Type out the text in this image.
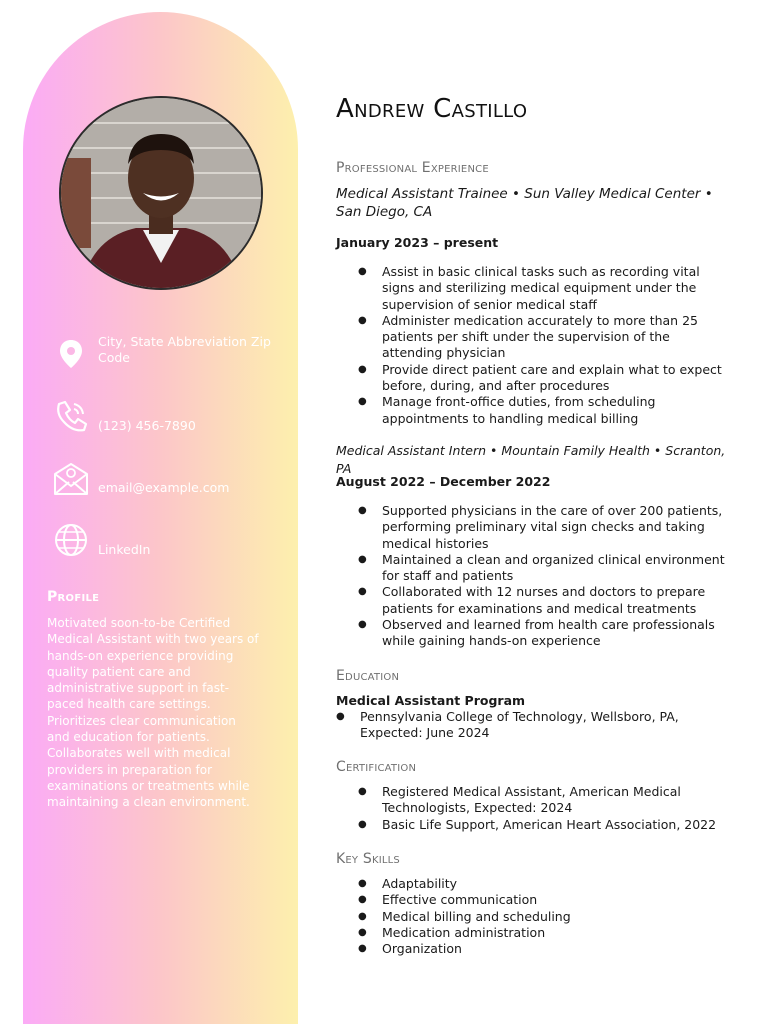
City, State Abbreviation Zip Code
(123) 456-7890
email@example.com
LinkedIn
Profile
Motivated soon-to-be Certified Medical Assistant with two years of hands-on experience providing quality patient care and administrative support in fast-paced health care settings. Prioritizes clear communication and education for patients. Collaborates well with medical providers in preparation for examinations or treatments while maintaining a clean environment.
Andrew Castillo
Professional Experience
Medical Assistant Trainee • Sun Valley Medical Center • San Diego, CA
January 2023 – present
● Assist in basic clinical tasks such as recording vital signs and sterilizing medical equipment under the supervision of senior medical staff
● Administer medication accurately to more than 25 patients per shift under the supervision of the attending physician
● Provide direct patient care and explain what to expect before, during, and after procedures
● Manage front-office duties, from scheduling appointments to handling medical billing
Medical Assistant Intern • Mountain Family Health • Scranton, PA
August 2022 – December 2022
● Supported physicians in the care of over 200 patients, performing preliminary vital sign checks and taking medical histories
● Maintained a clean and organized clinical environment for staff and patients
● Collaborated with 12 nurses and doctors to prepare patients for examinations and medical treatments
● Observed and learned from health care professionals while gaining hands-on experience
Education
Medical Assistant Program
● Pennsylvania College of Technology, Wellsboro, PA, Expected: June 2024
Certification
● Registered Medical Assistant, American Medical Technologists, Expected: 2024
● Basic Life Support, American Heart Association, 2022
Key Skills
● Adaptability
● Effective communication
● Medical billing and scheduling
● Medication administration
● Organization
